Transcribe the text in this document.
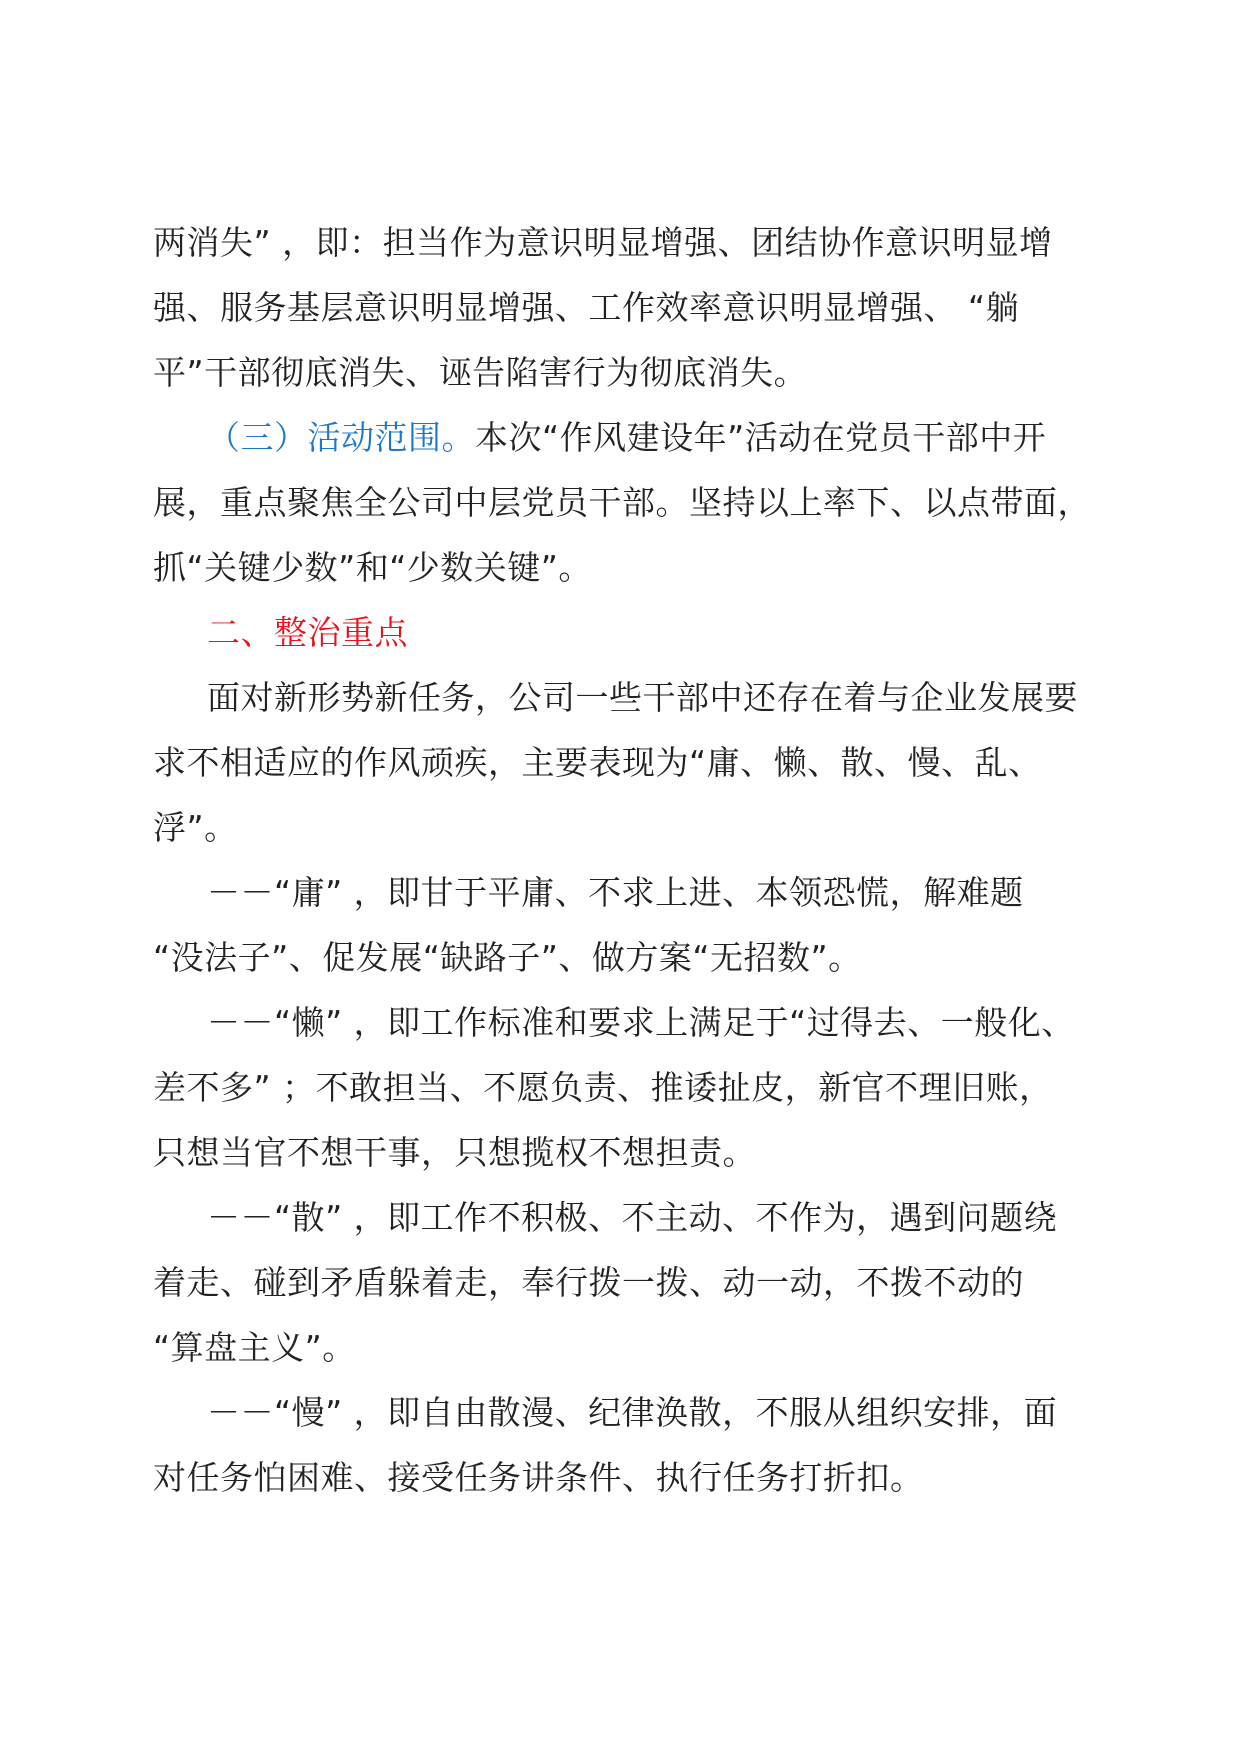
两消失” ，即：担当作为意识明显增强、团结协作意识明显增
强、服务基层意识明显增强、工作效率意识明显增强、 “躺
平”干部彻底消失、诬告陷害行为彻底消失。
（三）活动范围。本次“作风建设年”活动在党员干部中开
展，重点聚焦全公司中层党员干部。坚持以上率下、以点带面，
抓“关键少数”和“少数关键”。
二、整治重点
面对新形势新任务，公司一些干部中还存在着与企业发展要
求不相适应的作风顽疾，主要表现为“庸、懒、散、慢、乱、
浮”。
－－“庸” ，即甘于平庸、不求上进、本领恐慌，解难题
“没法子”、促发展“缺路子”、做方案“无招数”。
－－“懒” ，即工作标准和要求上满足于“过得去、一般化、
差不多” ；不敢担当、不愿负责、推诿扯皮，新官不理旧账，
只想当官不想干事，只想揽权不想担责。
－－“散” ，即工作不积极、不主动、不作为，遇到问题绕
着走、碰到矛盾躲着走，奉行拨一拨、动一动，不拨不动的
“算盘主义”。
－－“慢” ，即自由散漫、纪律涣散，不服从组织安排，面
对任务怕困难、接受任务讲条件、执行任务打折扣。
